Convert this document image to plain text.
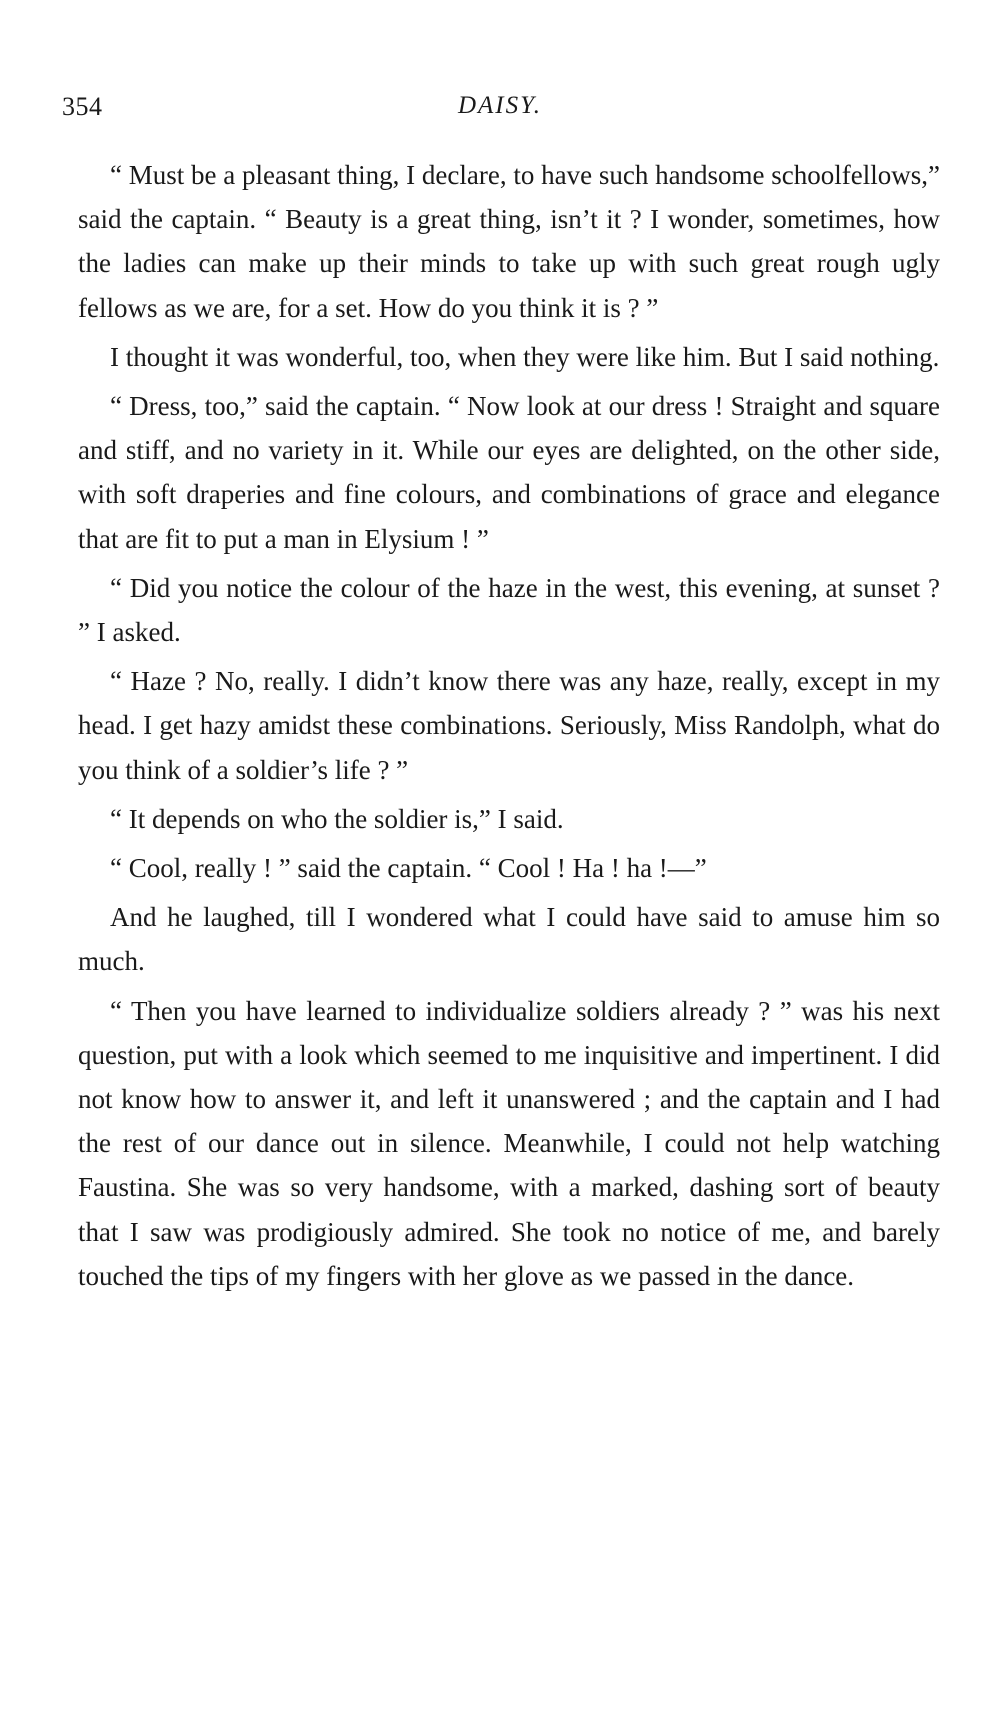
354	DAISY.

“ Must be a pleasant thing, I declare, to have such handsome schoolfellows,” said the captain. “ Beauty is a great thing, isn’t it ? I wonder, sometimes, how the ladies can make up their minds to take up with such great rough ugly fellows as we are, for a set. How do you think it is ? ”

I thought it was wonderful, too, when they were like him. But I said nothing.

“ Dress, too,” said the captain. “ Now look at our dress ! Straight and square and stiff, and no variety in it. While our eyes are delighted, on the other side, with soft draperies and fine colours, and combinations of grace and elegance that are fit to put a man in Elysium ! ”

“ Did you notice the colour of the haze in the west, this evening, at sunset ? ” I asked.

“ Haze ? No, really. I didn’t know there was any haze, really, except in my head. I get hazy amidst these combinations. Seriously, Miss Randolph, what do you think of a soldier’s life ? ”

“ It depends on who the soldier is,” I said.

“ Cool, really ! ” said the captain. “ Cool ! Ha ! ha !—”

And he laughed, till I wondered what I could have said to amuse him so much.

“ Then you have learned to individualize soldiers already ? ” was his next question, put with a look which seemed to me inquisitive and impertinent. I did not know how to answer it, and left it unanswered ; and the captain and I had the rest of our dance out in silence. Meanwhile, I could not help watching Faustina. She was so very handsome, with a marked, dashing sort of beauty that I saw was prodigiously admired. She took no notice of me, and barely touched the tips of my fingers with her glove as we passed in the dance.
